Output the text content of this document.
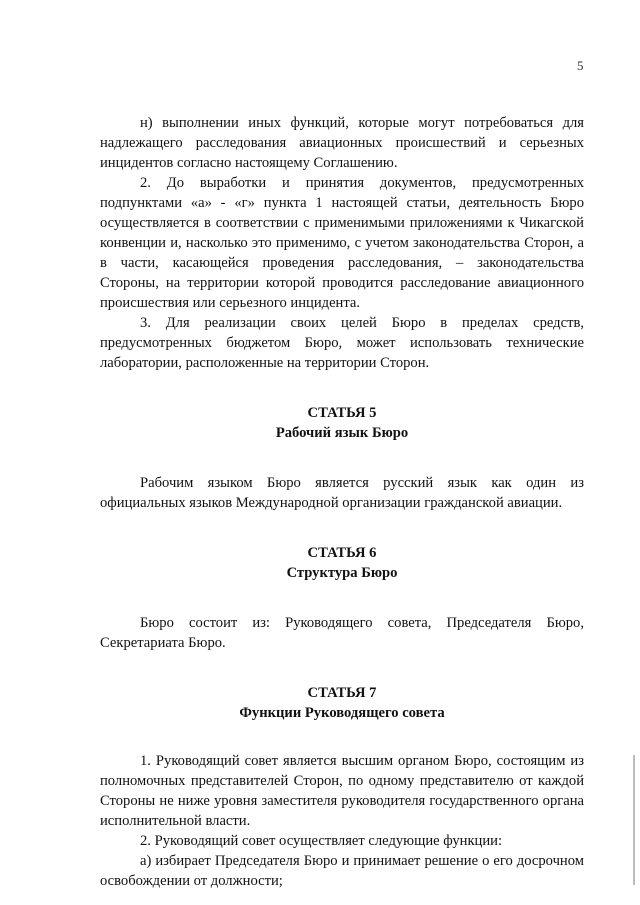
5

н) выполнении иных функций, которые могут потребоваться для надлежащего расследования авиационных происшествий и серьезных инцидентов согласно настоящему Соглашению.

2. До выработки и принятия документов, предусмотренных подпунктами «а» - «г» пункта 1 настоящей статьи, деятельность Бюро осуществляется в соответствии с применимыми приложениями к Чикагской конвенции и, насколько это применимо, с учетом законодательства Сторон, а в части, касающейся проведения расследования, – законодательства Стороны, на территории которой проводится расследование авиационного происшествия или серьезного инцидента.

3. Для реализации своих целей Бюро в пределах средств, предусмотренных бюджетом Бюро, может использовать технические лаборатории, расположенные на территории Сторон.

СТАТЬЯ 5
Рабочий язык Бюро

Рабочим языком Бюро является русский язык как один из официальных языков Международной организации гражданской авиации.

СТАТЬЯ 6
Структура Бюро

Бюро состоит из: Руководящего совета, Председателя Бюро, Секретариата Бюро.

СТАТЬЯ 7
Функции Руководящего совета

1. Руководящий совет является высшим органом Бюро, состоящим из полномочных представителей Сторон, по одному представителю от каждой Стороны не ниже уровня заместителя руководителя государственного органа исполнительной власти.

2. Руководящий совет осуществляет следующие функции:

а) избирает Председателя Бюро и принимает решение о его досрочном освобождении от должности;
